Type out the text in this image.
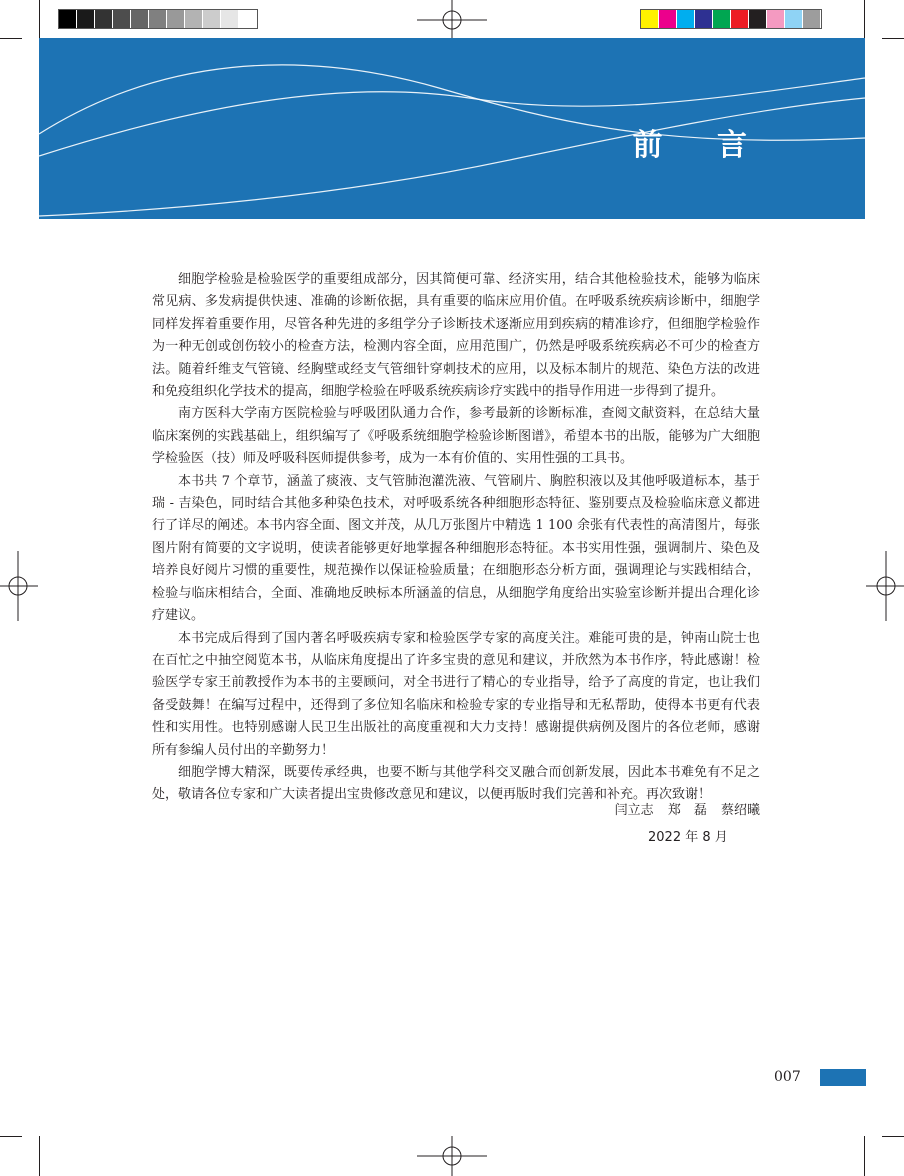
前 言

细胞学检验是检验医学的重要组成部分，因其简便可靠、经济实用，结合其他检验技术，能够为临床常见病、多发病提供快速、准确的诊断依据，具有重要的临床应用价值。在呼吸系统疾病诊断中，细胞学同样发挥着重要作用，尽管各种先进的多组学分子诊断技术逐渐应用到疾病的精准诊疗，但细胞学检验作为一种无创或创伤较小的检查方法，检测内容全面，应用范围广，仍然是呼吸系统疾病必不可少的检查方法。随着纤维支气管镜、经胸壁或经支气管细针穿刺技术的应用，以及标本制片的规范、染色方法的改进和免疫组织化学技术的提高，细胞学检验在呼吸系统疾病诊疗实践中的指导作用进一步得到了提升。

南方医科大学南方医院检验与呼吸团队通力合作，参考最新的诊断标准，查阅文献资料，在总结大量临床案例的实践基础上，组织编写了《呼吸系统细胞学检验诊断图谱》，希望本书的出版，能够为广大细胞学检验医（技）师及呼吸科医师提供参考，成为一本有价值的、实用性强的工具书。

本书共 7 个章节，涵盖了痰液、支气管肺泡灌洗液、气管刷片、胸腔积液以及其他呼吸道标本，基于瑞 - 吉染色，同时结合其他多种染色技术，对呼吸系统各种细胞形态特征、鉴别要点及检验临床意义都进行了详尽的阐述。本书内容全面、图文并茂，从几万张图片中精选 1 100 余张有代表性的高清图片，每张图片附有简要的文字说明，使读者能够更好地掌握各种细胞形态特征。本书实用性强，强调制片、染色及培养良好阅片习惯的重要性，规范操作以保证检验质量；在细胞形态分析方面，强调理论与实践相结合，检验与临床相结合，全面、准确地反映标本所涵盖的信息，从细胞学角度给出实验室诊断并提出合理化诊疗建议。

本书完成后得到了国内著名呼吸疾病专家和检验医学专家的高度关注。难能可贵的是，钟南山院士也在百忙之中抽空阅览本书，从临床角度提出了许多宝贵的意见和建议，并欣然为本书作序，特此感谢！检验医学专家王前教授作为本书的主要顾问，对全书进行了精心的专业指导，给予了高度的肯定，也让我们备受鼓舞！在编写过程中，还得到了多位知名临床和检验专家的专业指导和无私帮助，使得本书更有代表性和实用性。也特别感谢人民卫生出版社的高度重视和大力支持！感谢提供病例及图片的各位老师，感谢所有参编人员付出的辛勤努力！

细胞学博大精深，既要传承经典，也要不断与其他学科交叉融合而创新发展，因此本书难免有不足之处，敬请各位专家和广大读者提出宝贵修改意见和建议，以便再版时我们完善和补充。再次致谢！

闫立志 郑　磊 蔡绍曦
2022 年 8 月
007
